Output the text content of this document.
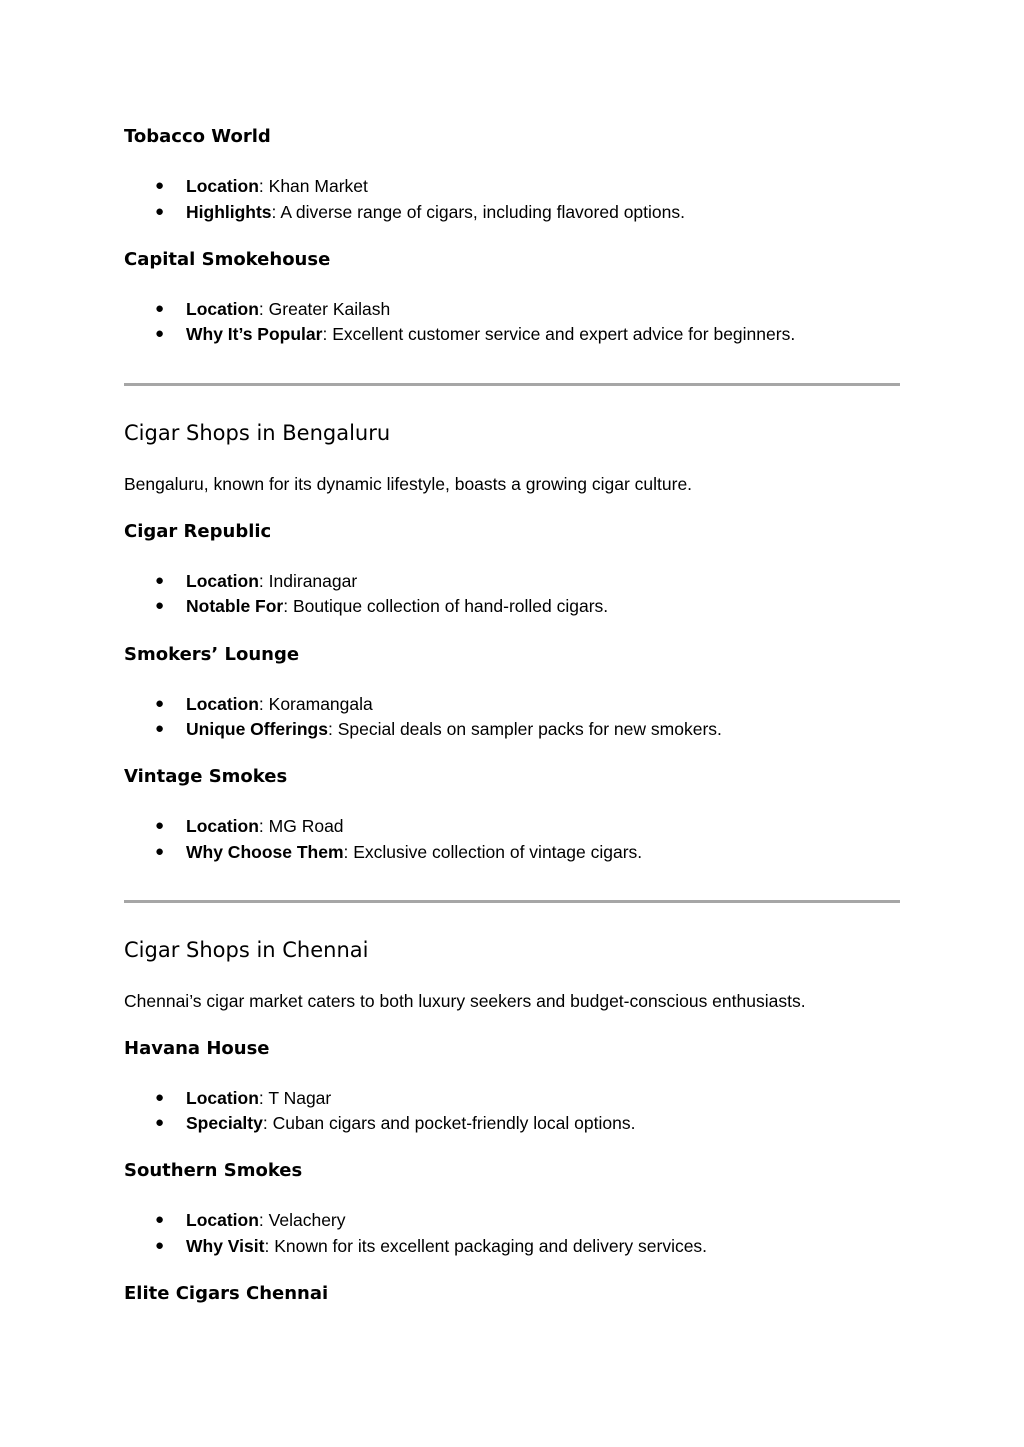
Tobacco World
● Location: Khan Market
● Highlights: A diverse range of cigars, including flavored options.
Capital Smokehouse
● Location: Greater Kailash
● Why It’s Popular: Excellent customer service and expert advice for beginners.
Cigar Shops in Bengaluru

Bengaluru, known for its dynamic lifestyle, boasts a growing cigar culture.

Cigar Republic
● Location: Indiranagar
● Notable For: Boutique collection of hand-rolled cigars.
Smokers’ Lounge
● Location: Koramangala
● Unique Offerings: Special deals on sampler packs for new smokers.
Vintage Smokes
● Location: MG Road
● Why Choose Them: Exclusive collection of vintage cigars.
Cigar Shops in Chennai

Chennai’s cigar market caters to both luxury seekers and budget-conscious enthusiasts.

Havana House
● Location: T Nagar
● Specialty: Cuban cigars and pocket-friendly local options.
Southern Smokes
● Location: Velachery
● Why Visit: Known for its excellent packaging and delivery services.
Elite Cigars Chennai
